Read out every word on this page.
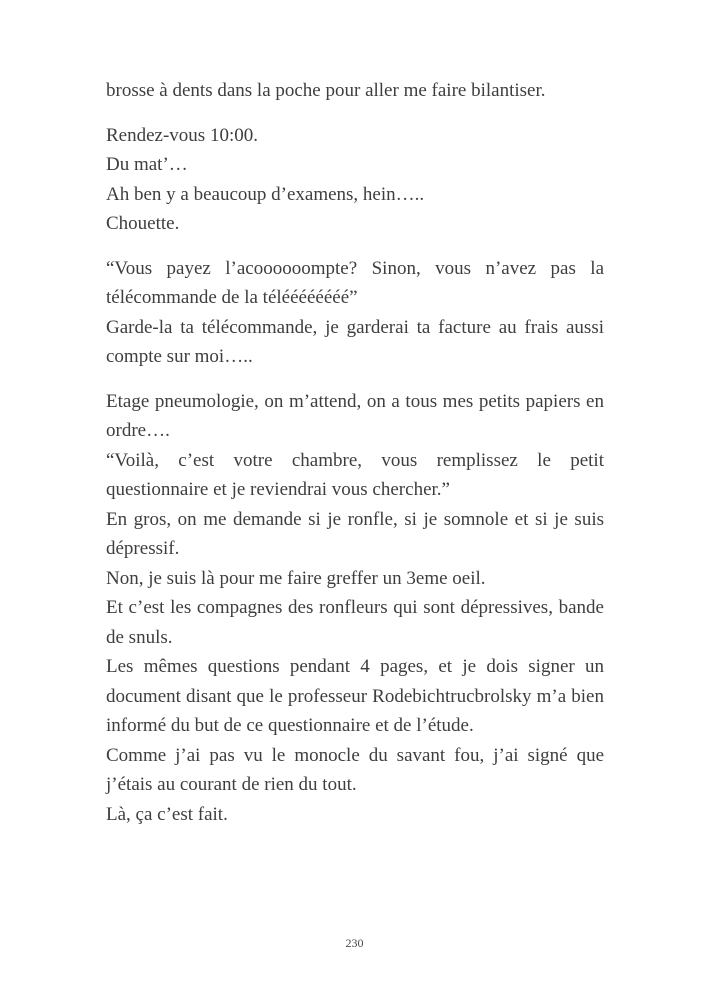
brosse à dents dans la poche pour aller me faire bilantiser.

Rendez-vous 10:00.

Du mat’…

Ah ben y a beaucoup d’examens, hein…..

Chouette.

“Vous payez l’acoooooompte? Sinon, vous n’avez pas la télécommande de la téléééééééé”

Garde-la ta télécommande, je garderai ta facture au frais aussi compte sur moi…..

Etage pneumologie, on m’attend, on a tous mes petits papiers en ordre….

“Voilà, c’est votre chambre, vous remplissez le petit questionnaire et je reviendrai vous chercher.”

En gros, on me demande si je ronfle, si je somnole et si je suis dépressif.

Non, je suis là pour me faire greffer un 3eme oeil.

Et c’est les compagnes des ronfleurs qui sont dépressives, bande de snuls.

Les mêmes questions pendant 4 pages, et je dois signer un document disant que le professeur Rodebichtrucbrolsky m’a bien informé du but de ce questionnaire et de l’étude.

Comme j’ai pas vu le monocle du savant fou, j’ai signé que j’étais au courant de rien du tout.

Là, ça c’est fait.

230
